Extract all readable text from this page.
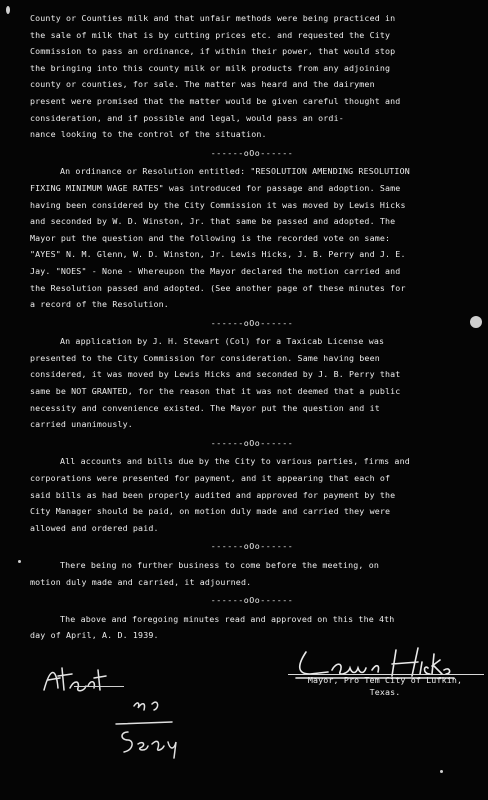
County or Counties milk and that unfair methods were being practiced in
the sale of milk that is by cutting prices etc. and requested the City
Commission to pass an ordinance, if within their power, that would stop
the bringing into this county milk or milk products from any adjoining
county or counties, for sale. The matter was heard and the dairymen
present were promised that the matter would be given careful thought and
consideration, and if possible and legal, would pass an ordi-
nance looking to the control of the situation.
------oOo------
An ordinance or Resolution entitled: "RESOLUTION AMENDING RESOLUTION
FIXING MINIMUM WAGE RATES" was introduced for passage and adoption. Same
having been considered by the City Commission it was moved by Lewis Hicks
and seconded by W. D. Winston, Jr. that same be passed and adopted. The
Mayor put the question and the following is the recorded vote on same:
"AYES" N. M. Glenn, W. D. Winston, Jr. Lewis Hicks, J. B. Perry and J. E.
Jay. "NOES" - None - Whereupon the Mayor declared the motion carried and
the Resolution passed and adopted. (See another page of these minutes for
a record of the Resolution.
------oOo------
An application by J. H. Stewart (Col) for a Taxicab License was
presented to the City Commission for consideration. Same having been
considered, it was moved by Lewis Hicks and seconded by J. B. Perry that
same be NOT GRANTED, for the reason that it was not deemed that a public
necessity and convenience existed. The Mayor put the question and it
carried unanimously.
------oOo------
All accounts and bills due by the City to various parties, firms and
corporations were presented for payment, and it appearing that each of
said bills as had been properly audited and approved for payment by the
City Manager should be paid, on motion duly made and carried they were
allowed and ordered paid.
------oOo------
There being no further business to come before the meeting, on
motion duly made and carried, it adjourned.
------oOo------
The above and foregoing minutes read and approved on this the 4th
day of April, A. D. 1939.
Mayor, Pro Tem City of Lufkin,
Texas.
